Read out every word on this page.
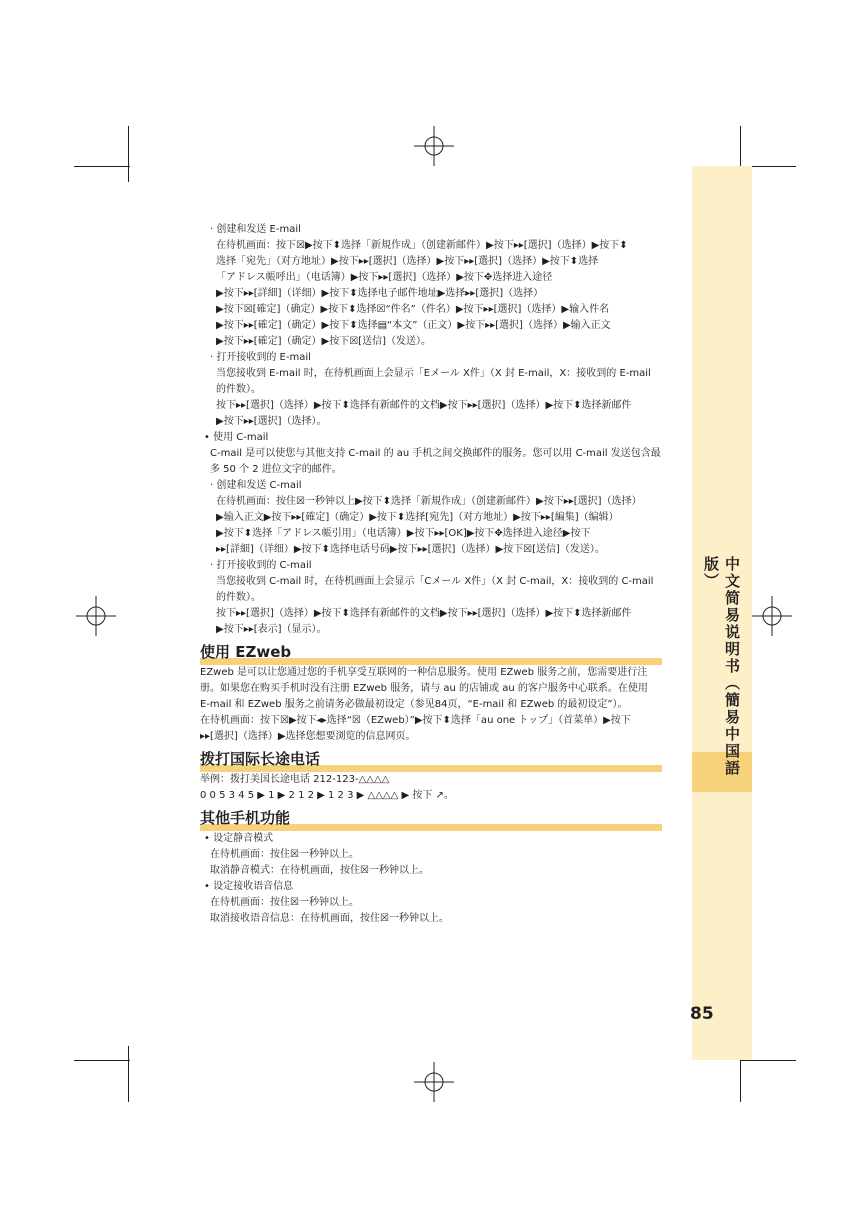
中文简易说明书（簡易中国語版）
85
· 创建和发送 E-mail
在待机画面：按下☒▶按下⬍选择「新規作成」（创建新邮件）▶按下▸▸[選択]（选择）▶按下⬍
选择「宛先」（对方地址）▶按下▸▸[選択]（选择）▶按下▸▸[選択]（选择）▶按下⬍选择
「アドレス帳呼出」（电话簿）▶按下▸▸[選択]（选择）▶按下✥选择进入途径
▶按下▸▸[詳細]（详细）▶按下⬍选择电子邮件地址▶选择▸▸[選択]（选择）
▶按下☒[確定]（确定）▶按下⬍选择☒“件名”（件名）▶按下▸▸[選択]（选择）▶输入件名
▶按下▸▸[確定]（确定）▶按下⬍选择▤“本文”（正文）▶按下▸▸[選択]（选择）▶输入正文
▶按下▸▸[確定]（确定）▶按下☒[送信]（发送）。
· 打开接收到的 E-mail
当您接收到 E-mail 时，在待机画面上会显示「Eメール X件」（X 封 E-mail，X：接收到的 E-mail
的件数）。
按下▸▸[選択]（选择）▶按下⬍选择有新邮件的文档▶按下▸▸[選択]（选择）▶按下⬍选择新邮件
▶按下▸▸[選択]（选择）。
• 使用 C-mail
C-mail 是可以使您与其他支持 C-mail 的 au 手机之间交换邮件的服务。您可以用 C-mail 发送包含最
多 50 个 2 进位文字的邮件。
· 创建和发送 C-mail
在待机画面：按住☒一秒钟以上▶按下⬍选择「新規作成」（创建新邮件）▶按下▸▸[選択]（选择）
▶输入正文▶按下▸▸[確定]（确定）▶按下⬍选择[宛先]（对方地址）▶按下▸▸[編集]（编辑）
▶按下⬍选择「アドレス帳引用」（电话簿）▶按下▸▸[OK]▶按下✥选择进入途径▶按下
▸▸[詳細]（详细）▶按下⬍选择电话号码▶按下▸▸[選択]（选择）▶按下☒[送信]（发送）。
· 打开接收到的 C-mail
当您接收到 C-mail 时，在待机画面上会显示「Cメール X件」（X 封 C-mail，X：接收到的 C-mail
的件数）。
按下▸▸[選択]（选择）▶按下⬍选择有新邮件的文档▶按下▸▸[選択]（选择）▶按下⬍选择新邮件
▶按下▸▸[表示]（显示）。
使用 EZweb
EZweb 是可以让您通过您的手机享受互联网的一种信息服务。使用 EZweb 服务之前，您需要进行注
册。如果您在购买手机时没有注册 EZweb 服务，请与 au 的店铺或 au 的客户服务中心联系。在使用
E-mail 和 EZweb 服务之前请务必做最初设定（参见84页，“E-mail 和 EZweb 的最初设定”）。
在待机画面：按下☒▶按下◂▸选择“☒（EZweb）”▶按下⬍选择「au one トップ」（首菜单）▶按下
▸▸[選択]（选择）▶选择您想要浏览的信息网页。
拨打国际长途电话
举例：拨打美国长途电话 212-123-△△△△
0 0 5 3 4 5 ▶ 1 ▶ 2 1 2 ▶ 1 2 3 ▶ △△△△ ▶ 按下 ↗。
其他手机功能
• 设定静音模式
在待机画面：按住☒一秒钟以上。
取消静音模式：在待机画面，按住☒一秒钟以上。
• 设定接收语音信息
在待机画面：按住☒一秒钟以上。
取消接收语音信息：在待机画面，按住☒一秒钟以上。
